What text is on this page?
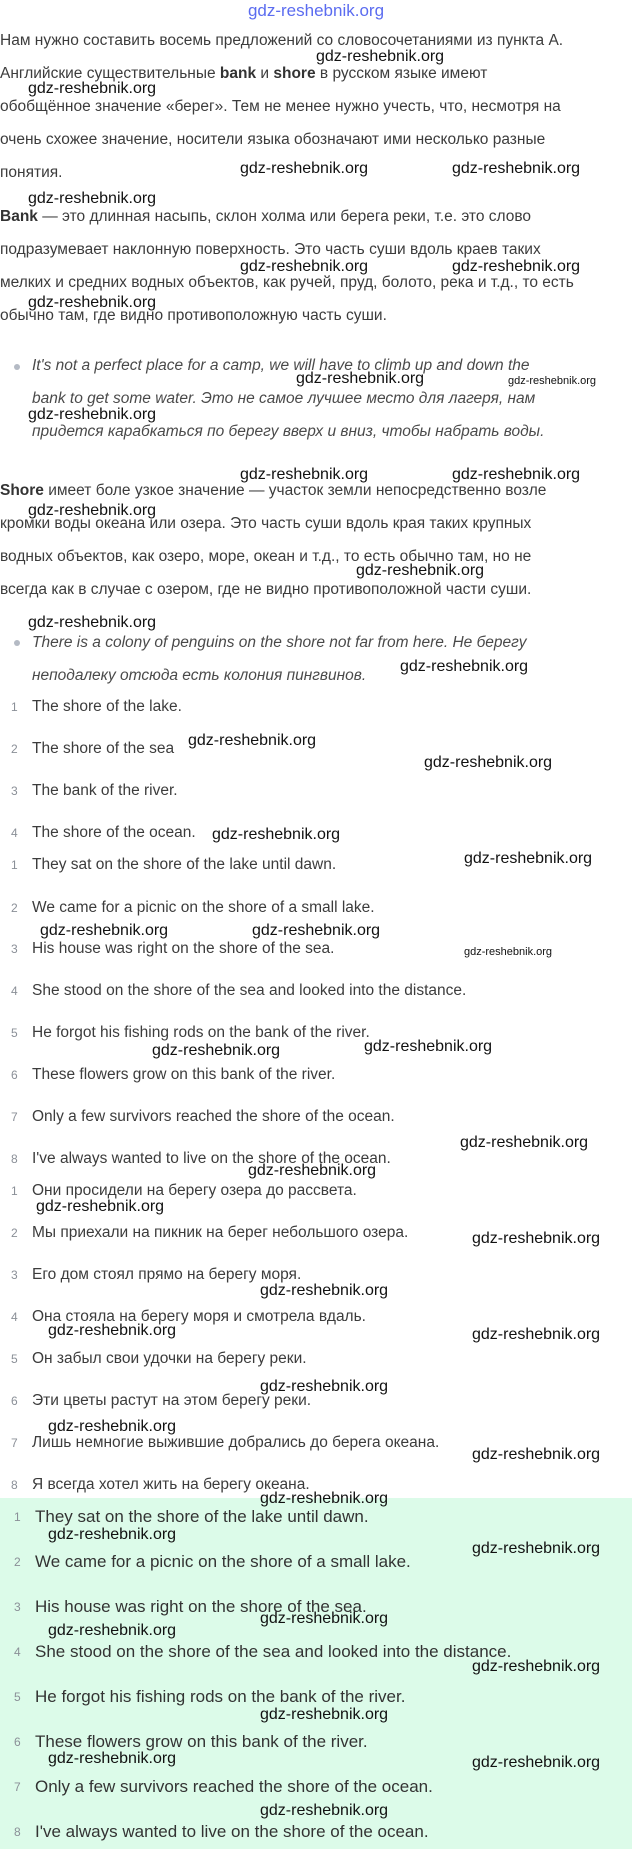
gdz-reshebnik.org

Нам нужно составить восемь предложений со словосочетаниями из пункта А.
Английские существительные bank и shore в русском языке имеют
обобщённое значение «берег». Тем не менее нужно учесть, что, несмотря на
очень схожее значение, носители языка обозначают ими несколько разные
понятия.

Bank — это длинная насыпь, склон холма или берега реки, т.е. это слово
подразумевает наклонную поверхность. Это часть суши вдоль краев таких
мелких и средних водных объектов, как ручей, пруд, болото, река и т.д., то есть
обычно там, где видно противоположную часть суши.

It's not a perfect place for a camp, we will have to climb up and down the
bank to get some water. Это не самое лучшее место для лагеря, нам
придется карабкаться по берегу вверх и вниз, чтобы набрать воды.

Shore имеет боле узкое значение — участок земли непосредственно возле
кромки воды океана или озера. Это часть суши вдоль края таких крупных
водных объектов, как озеро, море, океан и т.д., то есть обычно там, но не
всегда как в случае с озером, где не видно противоположной части суши.

There is a colony of penguins on the shore not far from here. Не берегу
неподалеку отсюда есть колония пингвинов.

1 The shore of the lake.
2 The shore of the sea
3 The bank of the river.
4 The shore of the ocean.
1 They sat on the shore of the lake until dawn.
2 We came for a picnic on the shore of a small lake.
3 His house was right on the shore of the sea.
4 She stood on the shore of the sea and looked into the distance.
5 He forgot his fishing rods on the bank of the river.
6 These flowers grow on this bank of the river.
7 Only a few survivors reached the shore of the ocean.
8 I've always wanted to live on the shore of the ocean.
1 Они просидели на берегу озера до рассвета.
2 Мы приехали на пикник на берег небольшого озера.
3 Его дом стоял прямо на берегу моря.
4 Она стояла на берегу моря и смотрела вдаль.
5 Он забыл свои удочки на берегу реки.
6 Эти цветы растут на этом берегу реки.
7 Лишь немногие выжившие добрались до берега океана.
8 Я всегда хотел жить на берегу океана.
1 They sat on the shore of the lake until dawn.
2 We came for a picnic on the shore of a small lake.
3 His house was right on the shore of the sea.
4 She stood on the shore of the sea and looked into the distance.
5 He forgot his fishing rods on the bank of the river.
6 These flowers grow on this bank of the river.
7 Only a few survivors reached the shore of the ocean.
8 I've always wanted to live on the shore of the ocean.
gdz-reshebnik.org
gdz-reshebnik.org
gdz-reshebnik.org
gdz-reshebnik.org	gdz-reshebnik.org
gdz-reshebnik.org	gdz-reshebnik.org
gdz-reshebnik.org
gdz-reshebnik.org	gdz-reshebnik.org
gdz-reshebnik.org
gdz-reshebnik.org	gdz-reshebnik.org
gdz-reshebnik.org
gdz-reshebnik.org
gdz-reshebnik.org
gdz-reshebnik.org
gdz-reshebnik.org
gdz-reshebnik.org
gdz-reshebnik.org
gdz-reshebnik.org
gdz-reshebnik.org	gdz-reshebnik.org
gdz-reshebnik.org
gdz-reshebnik.org	gdz-reshebnik.org
gdz-reshebnik.org
gdz-reshebnik.org
gdz-reshebnik.org
gdz-reshebnik.org
gdz-reshebnik.org
gdz-reshebnik.org	gdz-reshebnik.org
gdz-reshebnik.org
gdz-reshebnik.org
gdz-reshebnik.org
gdz-reshebnik.org
gdz-reshebnik.org
gdz-reshebnik.org
gdz-reshebnik.org
gdz-reshebnik.org
gdz-reshebnik.org
gdz-reshebnik.org
gdz-reshebnik.org	gdz-reshebnik.org
gdz-reshebnik.org
